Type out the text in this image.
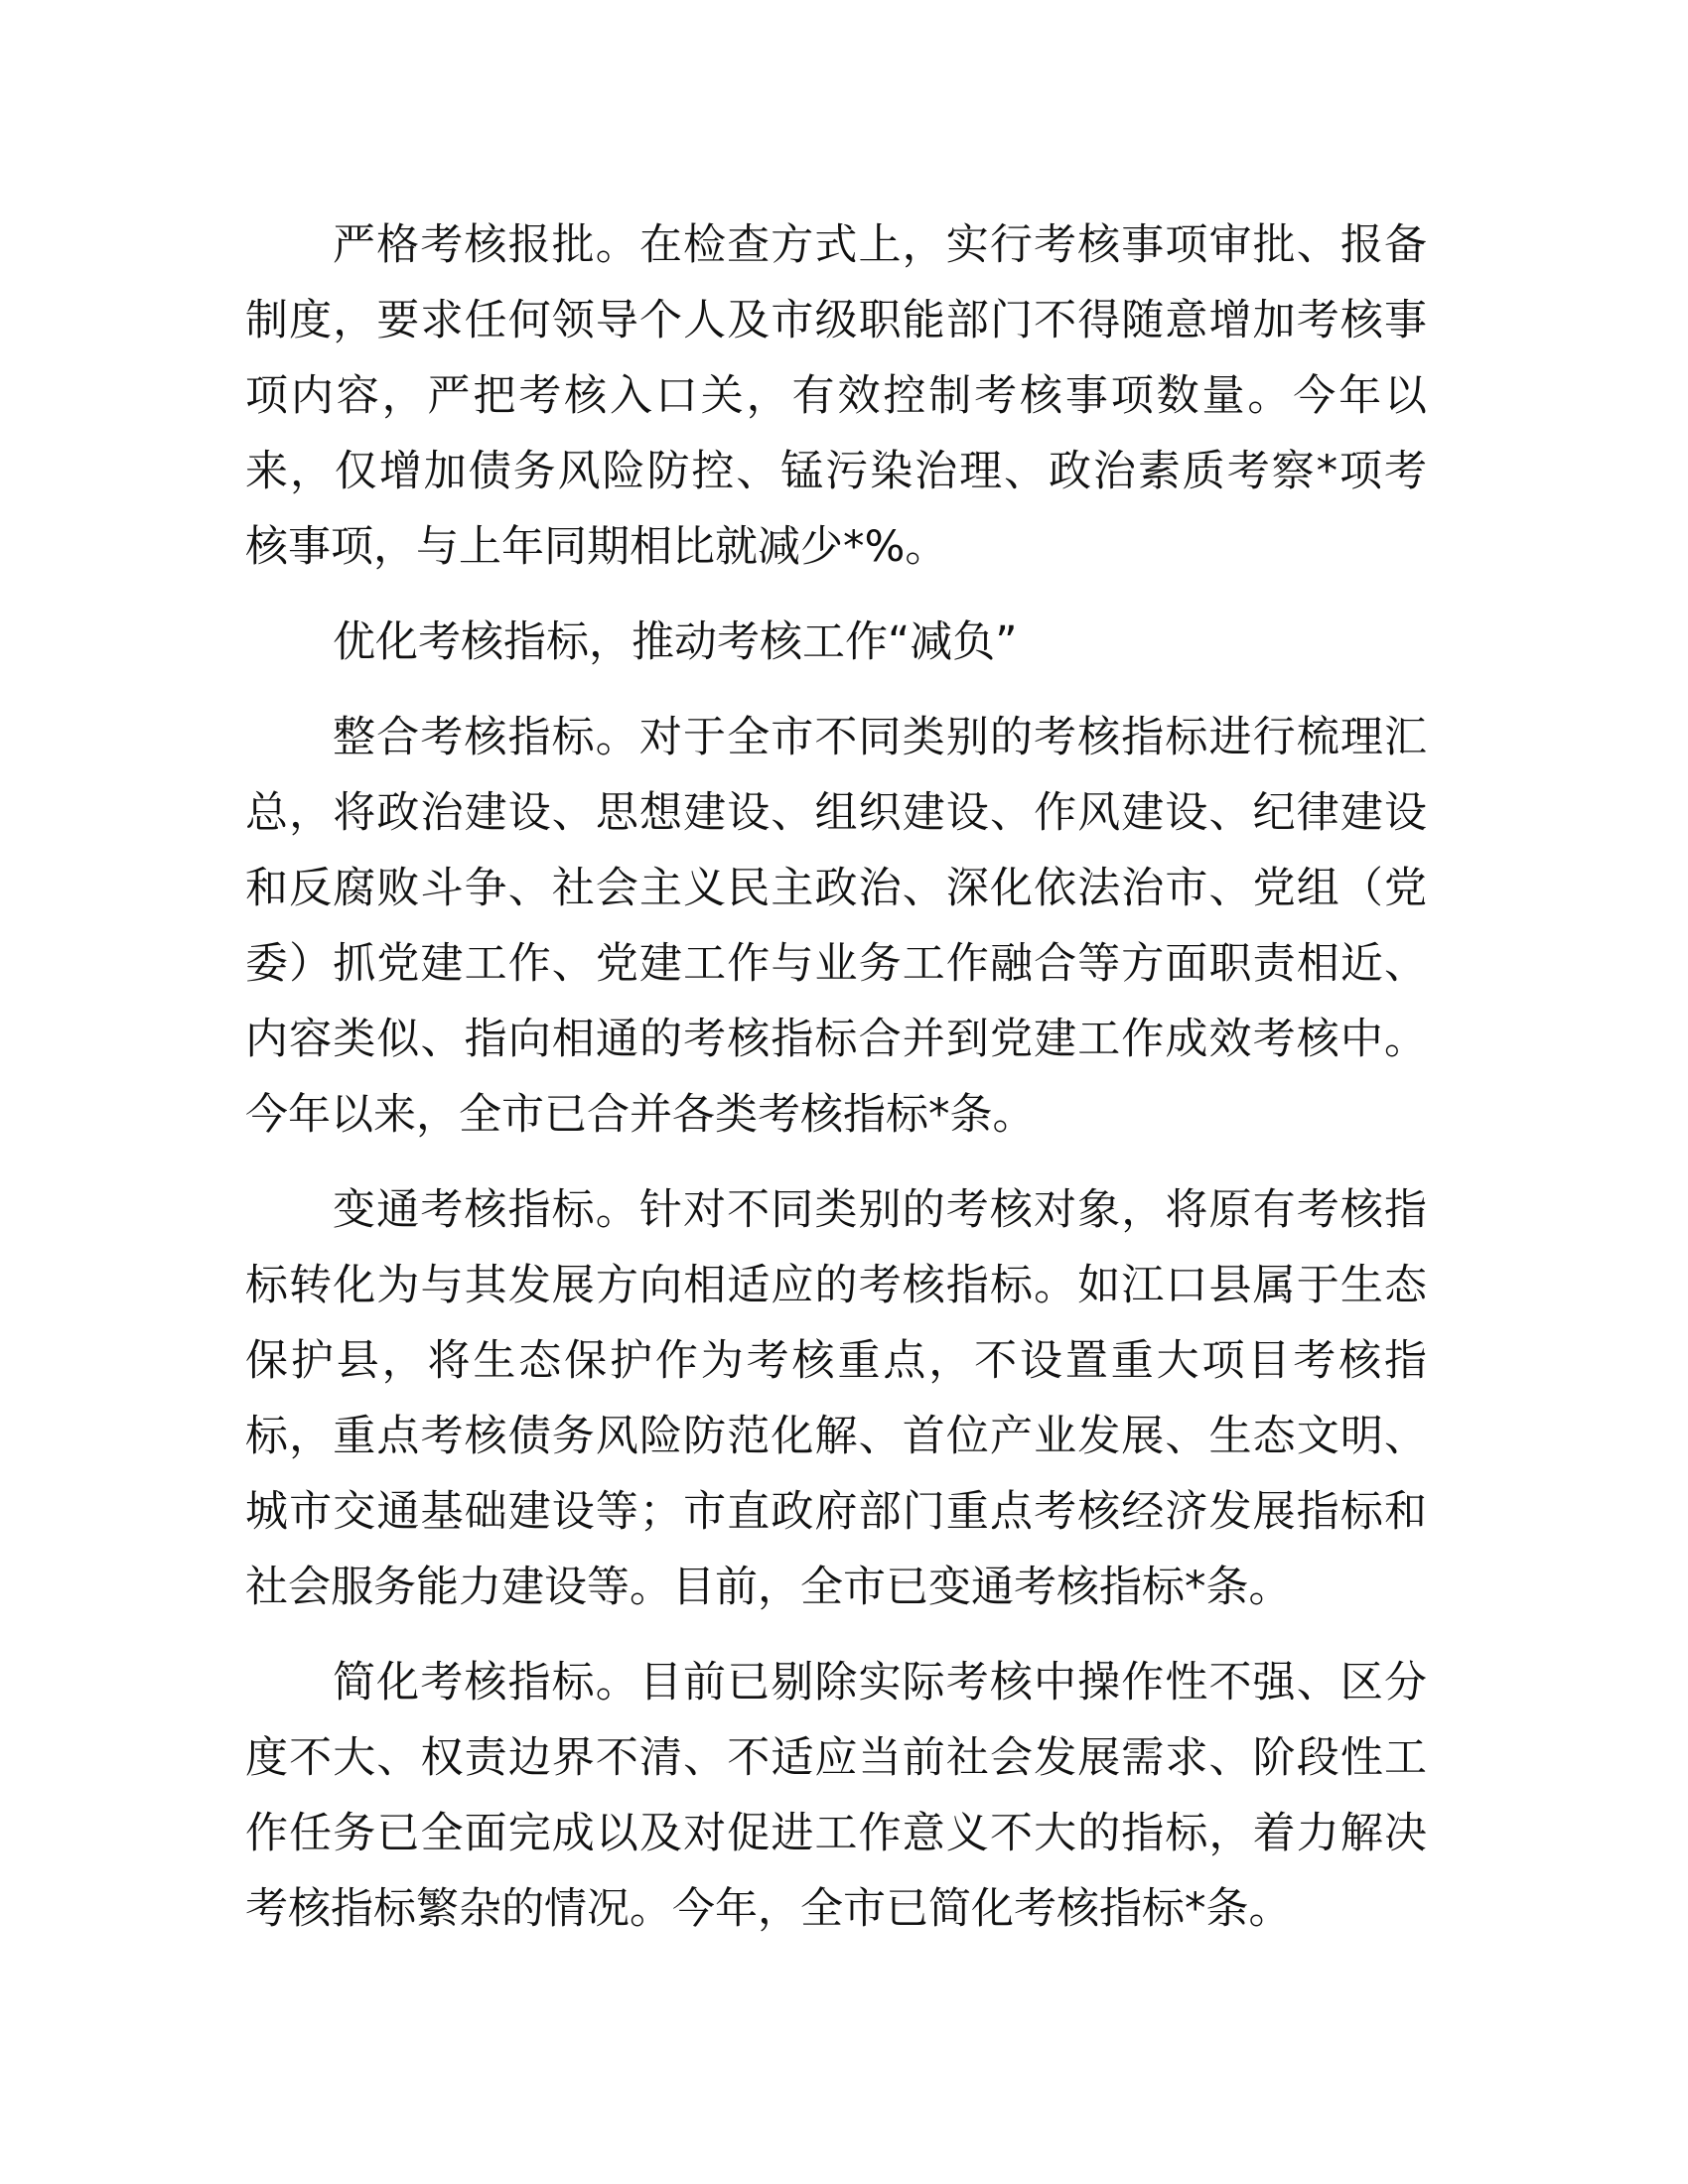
严格考核报批。在检查方式上，实行考核事项审批、报备
制度，要求任何领导个人及市级职能部门不得随意增加考核事
项内容，严把考核入口关，有效控制考核事项数量。今年以
来，仅增加债务风险防控、锰污染治理、政治素质考察*项考
核事项，与上年同期相比就减少*%。
优化考核指标，推动考核工作“减负”
整合考核指标。对于全市不同类别的考核指标进行梳理汇
总，将政治建设、思想建设、组织建设、作风建设、纪律建设
和反腐败斗争、社会主义民主政治、深化依法治市、党组（党
委）抓党建工作、党建工作与业务工作融合等方面职责相近、
内容类似、指向相通的考核指标合并到党建工作成效考核中。
今年以来，全市已合并各类考核指标*条。
变通考核指标。针对不同类别的考核对象，将原有考核指
标转化为与其发展方向相适应的考核指标。如江口县属于生态
保护县，将生态保护作为考核重点，不设置重大项目考核指
标，重点考核债务风险防范化解、首位产业发展、生态文明、
城市交通基础建设等；市直政府部门重点考核经济发展指标和
社会服务能力建设等。目前，全市已变通考核指标*条。
简化考核指标。目前已剔除实际考核中操作性不强、区分
度不大、权责边界不清、不适应当前社会发展需求、阶段性工
作任务已全面完成以及对促进工作意义不大的指标，着力解决
考核指标繁杂的情况。今年，全市已简化考核指标*条。
